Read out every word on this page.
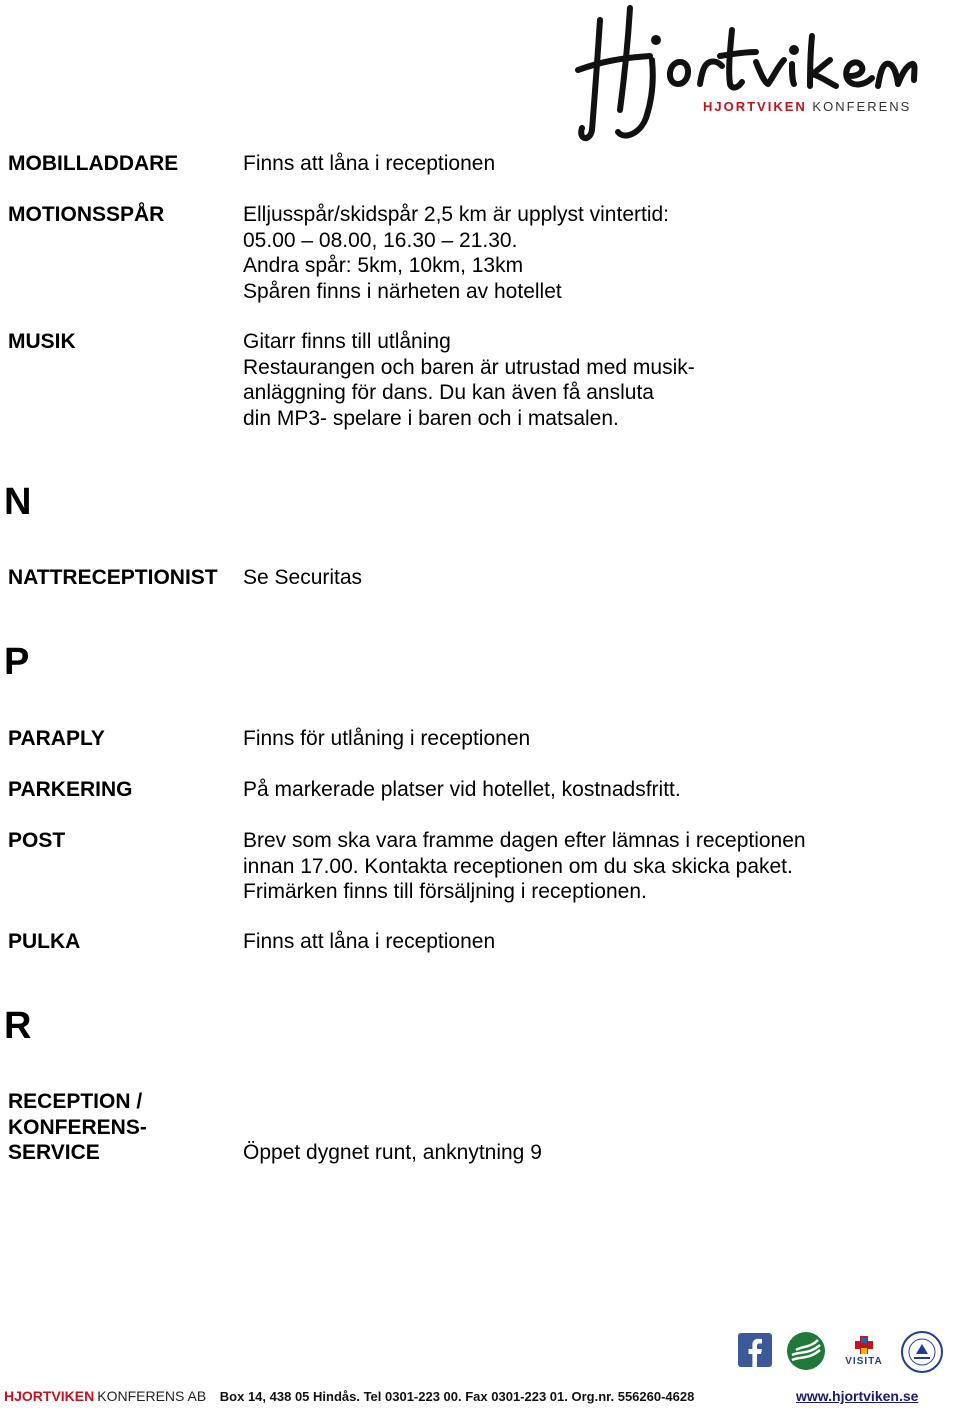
HJORTVIKEN KONFERENS
MOBILLADDARE	Finns att låna i receptionen
MOTIONSSPÅR	Elljusspår/skidspår 2,5 km är upplyst vintertid:
05.00 – 08.00, 16.30 – 21.30.
Andra spår: 5km, 10km, 13km
Spåren finns i närheten av hotellet
MUSIK	Gitarr finns till utlåning
Restaurangen och baren är utrustad med musik-
anläggning för dans. Du kan även få ansluta
din MP3- spelare i baren och i matsalen.
N
NATTRECEPTIONIST Se Securitas
P
PARAPLY	Finns för utlåning i receptionen
PARKERING	På markerade platser vid hotellet, kostnadsfritt.
POST	Brev som ska vara framme dagen efter lämnas i receptionen
innan 17.00. Kontakta receptionen om du ska skicka paket.
Frimärken finns till försäljning i receptionen.
PULKA	Finns att låna i receptionen
R
RECEPTION /
KONFERENS-
SERVICE	Öppet dygnet runt, anknytning 9
VISITA
HJORTVIKEN KONFERENS AB Box 14, 438 05 Hindås. Tel 0301-223 00. Fax 0301-223 01. Org.nr. 556260-4628	www.hjortviken.se
